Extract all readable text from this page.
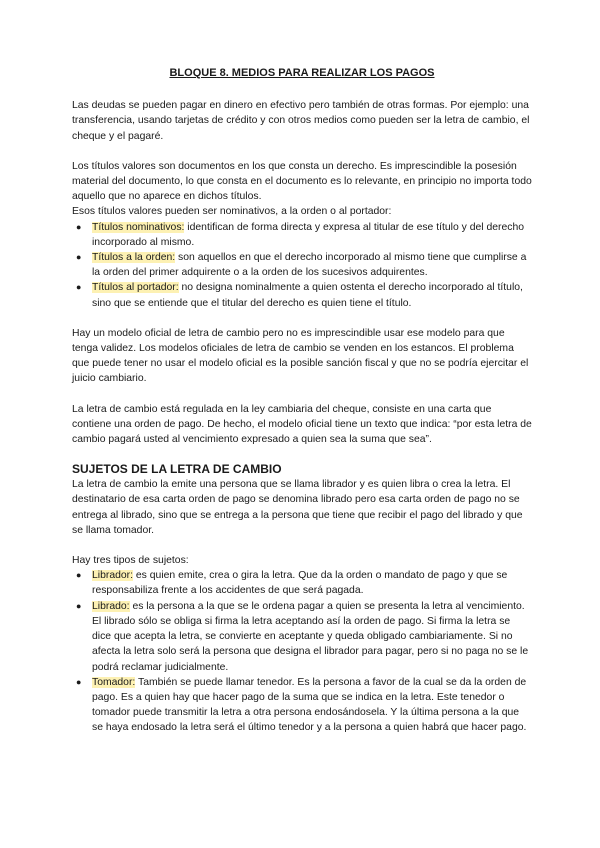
BLOQUE 8. MEDIOS PARA REALIZAR LOS PAGOS

Las deudas se pueden pagar en dinero en efectivo pero también de otras formas. Por ejemplo: una transferencia, usando tarjetas de crédito y con otros medios como pueden ser la letra de cambio, el cheque y el pagaré.

Los títulos valores son documentos en los que consta un derecho. Es imprescindible la posesión material del documento, lo que consta en el documento es lo relevante, en principio no importa todo aquello que no aparece en dichos títulos.

Esos títulos valores pueden ser nominativos, a la orden o al portador:

● Títulos nominativos: identifican de forma directa y expresa al titular de ese título y del derecho incorporado al mismo.
● Títulos a la orden: son aquellos en que el derecho incorporado al mismo tiene que cumplirse a la orden del primer adquirente o a la orden de los sucesivos adquirentes.
● Títulos al portador: no designa nominalmente a quien ostenta el derecho incorporado al título, sino que se entiende que el titular del derecho es quien tiene el título.

Hay un modelo oficial de letra de cambio pero no es imprescindible usar ese modelo para que tenga validez. Los modelos oficiales de letra de cambio se venden en los estancos. El problema que puede tener no usar el modelo oficial es la posible sanción fiscal y que no se podría ejercitar el juicio cambiario.

La letra de cambio está regulada en la ley cambiaria del cheque, consiste en una carta que contiene una orden de pago. De hecho, el modelo oficial tiene un texto que indica: “por esta letra de cambio pagará usted al vencimiento expresado a quien sea la suma que sea”.

SUJETOS DE LA LETRA DE CAMBIO

La letra de cambio la emite una persona que se llama librador y es quien libra o crea la letra. El destinatario de esa carta orden de pago se denomina librado pero esa carta orden de pago no se entrega al librado, sino que se entrega a la persona que tiene que recibir el pago del librado y que se llama tomador.

Hay tres tipos de sujetos:

● Librador: es quien emite, crea o gira la letra. Que da la orden o mandato de pago y que se responsabiliza frente a los accidentes de que será pagada.
● Librado: es la persona a la que se le ordena pagar a quien se presenta la letra al vencimiento. El librado sólo se obliga si firma la letra aceptando así la orden de pago. Si firma la letra se dice que acepta la letra, se convierte en aceptante y queda obligado cambiariamente. Si no afecta la letra solo será la persona que designa el librador para pagar, pero si no paga no se le podrá reclamar judicialmente.
● Tomador: También se puede llamar tenedor. Es la persona a favor de la cual se da la orden de pago. Es a quien hay que hacer pago de la suma que se indica en la letra. Este tenedor o tomador puede transmitir la letra a otra persona endosándosela. Y la última persona a la que se haya endosado la letra será el último tenedor y a la persona a quien habrá que hacer pago.
